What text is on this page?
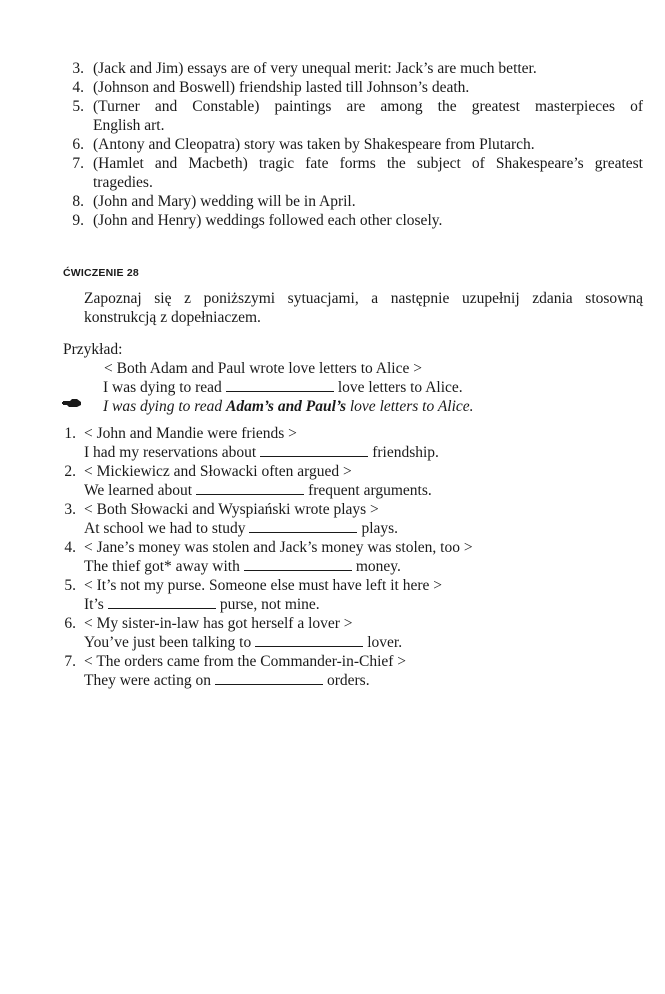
3. (Jack and Jim) essays are of very unequal merit: Jack’s are much better.
4. (Johnson and Boswell) friendship lasted till Johnson’s death.
5. (Turner and Constable) paintings are among the greatest masterpieces of
English art.
6. (Antony and Cleopatra) story was taken by Shakespeare from Plutarch.
7. (Hamlet and Macbeth) tragic fate forms the subject of Shakespeare’s greatest
tragedies.
8. (John and Mary) wedding will be in April.
9. (John and Henry) weddings followed each other closely.
ĆWICZENIE 28
Zapoznaj się z poniższymi sytuacjami, a następnie uzupełnij zdania stosowną
konstrukcją z dopełniaczem.
Przykład:
< Both Adam and Paul wrote love letters to Alice >
I was dying to read	love letters to Alice.
I was dying to read Adam’s and Paul’s love letters to Alice.
1. < John and Mandie were friends >
I had my reservations about	friendship.
2. < Mickiewicz and Słowacki often argued >
We learned about	frequent arguments.
3. < Both Słowacki and Wyspiański wrote plays >
At school we had to study	plays.
4. < Jane’s money was stolen and Jack’s money was stolen, too >
The thief got* away with	money.
5. < It’s not my purse. Someone else must have left it here >
It’s	purse, not mine.
6. < My sister-in-law has got herself a lover >
You’ve just been talking to	lover.
7. < The orders came from the Commander-in-Chief >
They were acting on	orders.
